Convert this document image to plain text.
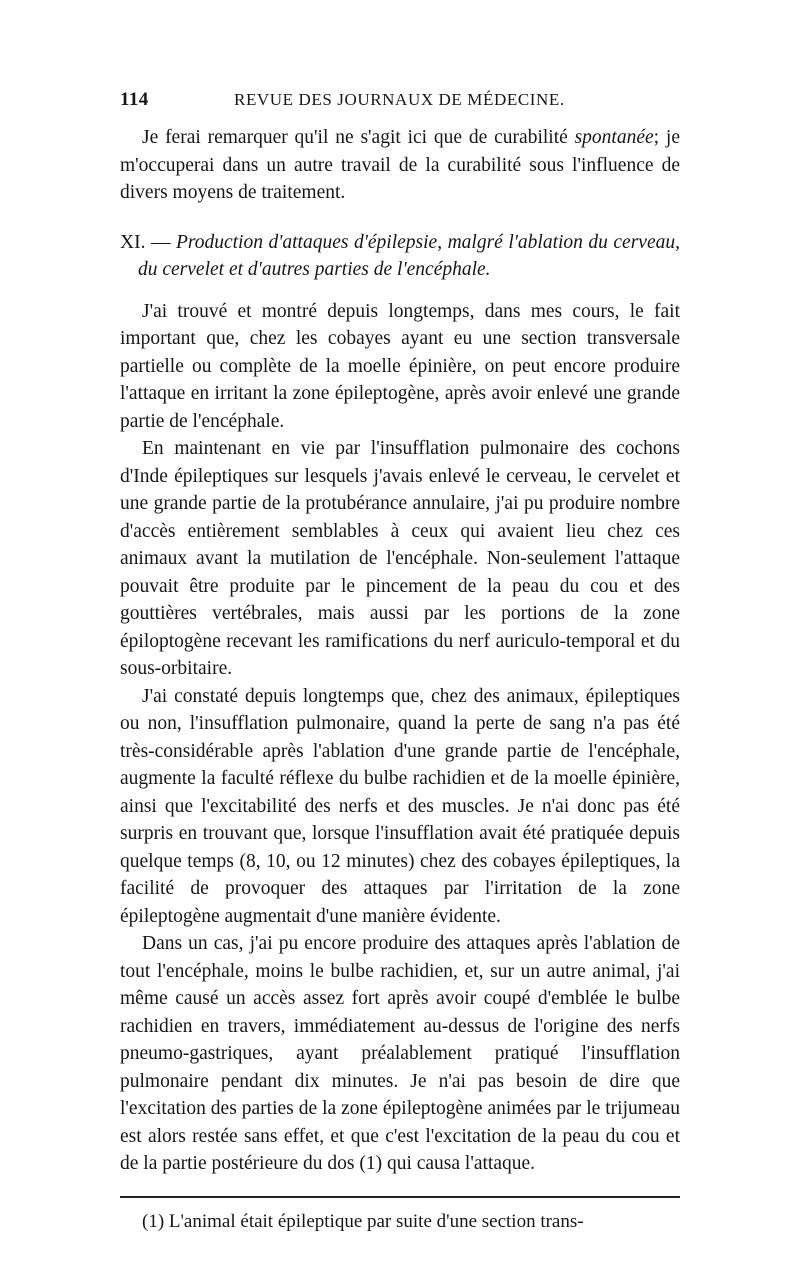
114	REVUE DES JOURNAUX DE MÉDECINE.

Je ferai remarquer qu'il ne s'agit ici que de curabilité spontanée; je m'occuperai dans un autre travail de la curabilité sous l'influence de divers moyens de traitement.

XI. — Production d'attaques d'épilepsie, malgré l'ablation du cerveau, du cervelet et d'autres parties de l'encéphale.

J'ai trouvé et montré depuis longtemps, dans mes cours, le fait important que, chez les cobayes ayant eu une section transversale partielle ou complète de la moelle épinière, on peut encore produire l'attaque en irritant la zone épileptogène, après avoir enlevé une grande partie de l'encéphale.

En maintenant en vie par l'insufflation pulmonaire des cochons d'Inde épileptiques sur lesquels j'avais enlevé le cerveau, le cervelet et une grande partie de la protubérance annulaire, j'ai pu produire nombre d'accès entièrement semblables à ceux qui avaient lieu chez ces animaux avant la mutilation de l'encéphale. Non-seulement l'attaque pouvait être produite par le pincement de la peau du cou et des gouttières vertébrales, mais aussi par les portions de la zone épiloptogène recevant les ramifications du nerf auriculo-temporal et du sous-orbitaire.

J'ai constaté depuis longtemps que, chez des animaux, épileptiques ou non, l'insufflation pulmonaire, quand la perte de sang n'a pas été très-considérable après l'ablation d'une grande partie de l'encéphale, augmente la faculté réflexe du bulbe rachidien et de la moelle épinière, ainsi que l'excitabilité des nerfs et des muscles. Je n'ai donc pas été surpris en trouvant que, lorsque l'insufflation avait été pratiquée depuis quelque temps (8, 10, ou 12 minutes) chez des cobayes épileptiques, la facilité de provoquer des attaques par l'irritation de la zone épileptogène augmentait d'une manière évidente.

Dans un cas, j'ai pu encore produire des attaques après l'ablation de tout l'encéphale, moins le bulbe rachidien, et, sur un autre animal, j'ai même causé un accès assez fort après avoir coupé d'emblée le bulbe rachidien en travers, immédiatement au-dessus de l'origine des nerfs pneumo-gastriques, ayant préalablement pratiqué l'insufflation pulmonaire pendant dix minutes. Je n'ai pas besoin de dire que l'excitation des parties de la zone épileptogène animées par le trijumeau est alors restée sans effet, et que c'est l'excitation de la peau du cou et de la partie postérieure du dos (1) qui causa l'attaque.

(1) L'animal était épileptique par suite d'une section trans-
